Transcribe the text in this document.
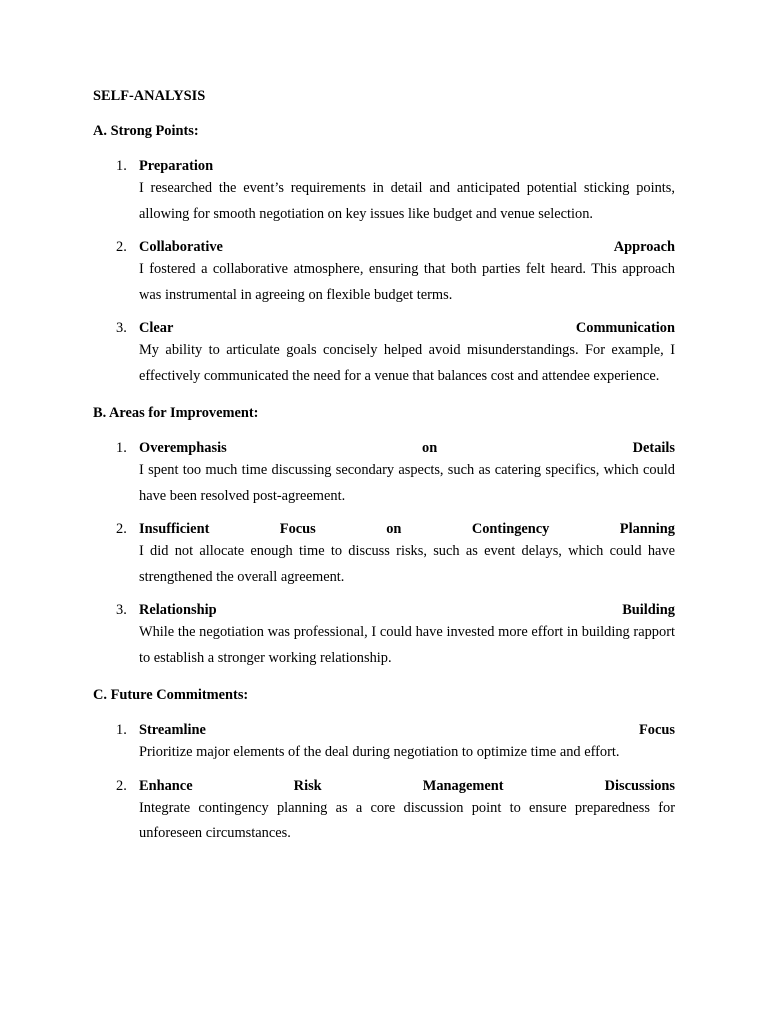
SELF-ANALYSIS
A. Strong Points:
1. Preparation
I researched the event’s requirements in detail and anticipated potential sticking points, allowing for smooth negotiation on key issues like budget and venue selection.
2. Collaborative Approach
I fostered a collaborative atmosphere, ensuring that both parties felt heard. This approach was instrumental in agreeing on flexible budget terms.
3. Clear Communication
My ability to articulate goals concisely helped avoid misunderstandings. For example, I effectively communicated the need for a venue that balances cost and attendee experience.
B. Areas for Improvement:
1. Overemphasis on Details
I spent too much time discussing secondary aspects, such as catering specifics, which could have been resolved post-agreement.
2. Insufficient Focus on Contingency Planning
I did not allocate enough time to discuss risks, such as event delays, which could have strengthened the overall agreement.
3. Relationship Building
While the negotiation was professional, I could have invested more effort in building rapport to establish a stronger working relationship.
C. Future Commitments:
1. Streamline Focus
Prioritize major elements of the deal during negotiation to optimize time and effort.
2. Enhance Risk Management Discussions
Integrate contingency planning as a core discussion point to ensure preparedness for unforeseen circumstances.
